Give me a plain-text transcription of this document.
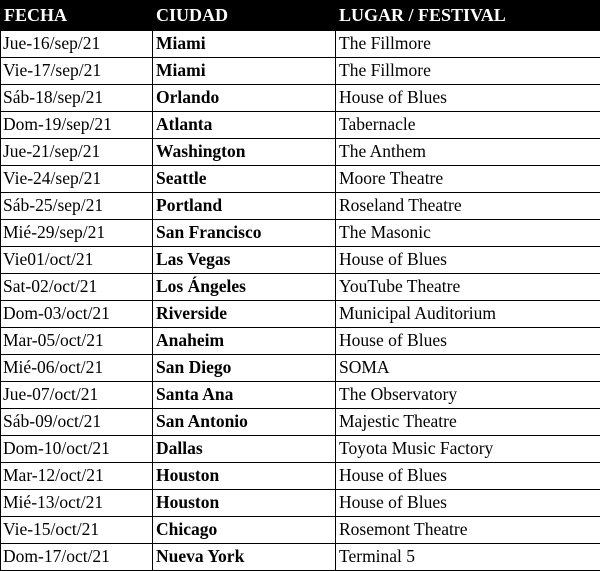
FECHA	CIUDAD	LUGAR / FESTIVAL
Jue-16/sep/21	Miami	The Fillmore
Vie-17/sep/21	Miami	The Fillmore
Sáb-18/sep/21	Orlando	House of Blues
Dom-19/sep/21	Atlanta	Tabernacle
Jue-21/sep/21	Washington	The Anthem
Vie-24/sep/21	Seattle	Moore Theatre
Sáb-25/sep/21	Portland	Roseland Theatre
Mié-29/sep/21	San Francisco	The Masonic
Vie01/oct/21	Las Vegas	House of Blues
Sat-02/oct/21	Los Ángeles	YouTube Theatre
Dom-03/oct/21	Riverside	Municipal Auditorium
Mar-05/oct/21	Anaheim	House of Blues
Mié-06/oct/21	San Diego	SOMA
Jue-07/oct/21	Santa Ana	The Observatory
Sáb-09/oct/21	San Antonio	Majestic Theatre
Dom-10/oct/21	Dallas	Toyota Music Factory
Mar-12/oct/21	Houston	House of Blues
Mié-13/oct/21	Houston	House of Blues
Vie-15/oct/21	Chicago	Rosemont Theatre
Dom-17/oct/21	Nueva York	Terminal 5
